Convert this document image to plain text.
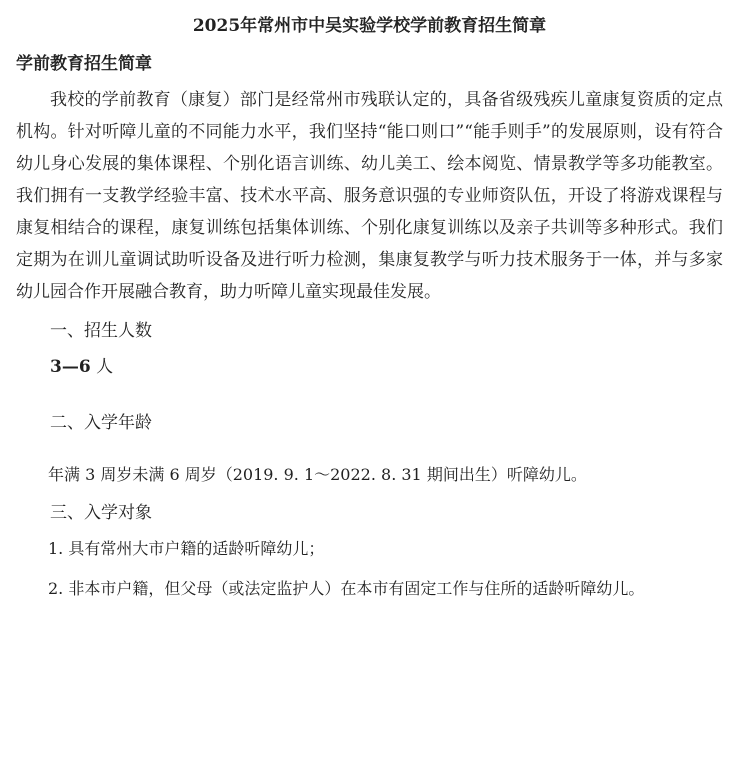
2025年常州市中吴实验学校学前教育招生简章
学前教育招生简章

我校的学前教育（康复）部门是经常州市残联认定的，具备省级残疾儿童康复资质的定点机构。针对听障儿童的不同能力水平，我们坚持“能口则口”“能手则手”的发展原则，设有符合幼儿身心发展的集体课程、个别化语言训练、幼儿美工、绘本阅览、情景教学等多功能教室。我们拥有一支教学经验丰富、技术水平高、服务意识强的专业师资队伍，开设了将游戏课程与康复相结合的课程，康复训练包括集体训练、个别化康复训练以及亲子共训等多种形式。我们定期为在训儿童调试助听设备及进行听力检测，集康复教学与听力技术服务于一体，并与多家幼儿园合作开展融合教育，助力听障儿童实现最佳发展。

一、招生人数
3—6 人
二、入学年龄

年满 3 周岁未满 6 周岁（2019. 9. 1～2022. 8. 31 期间出生）听障幼儿。

三、入学对象

1. 具有常州大市户籍的适龄听障幼儿；

2. 非本市户籍，但父母（或法定监护人）在本市有固定工作与住所的适龄听障幼儿。
